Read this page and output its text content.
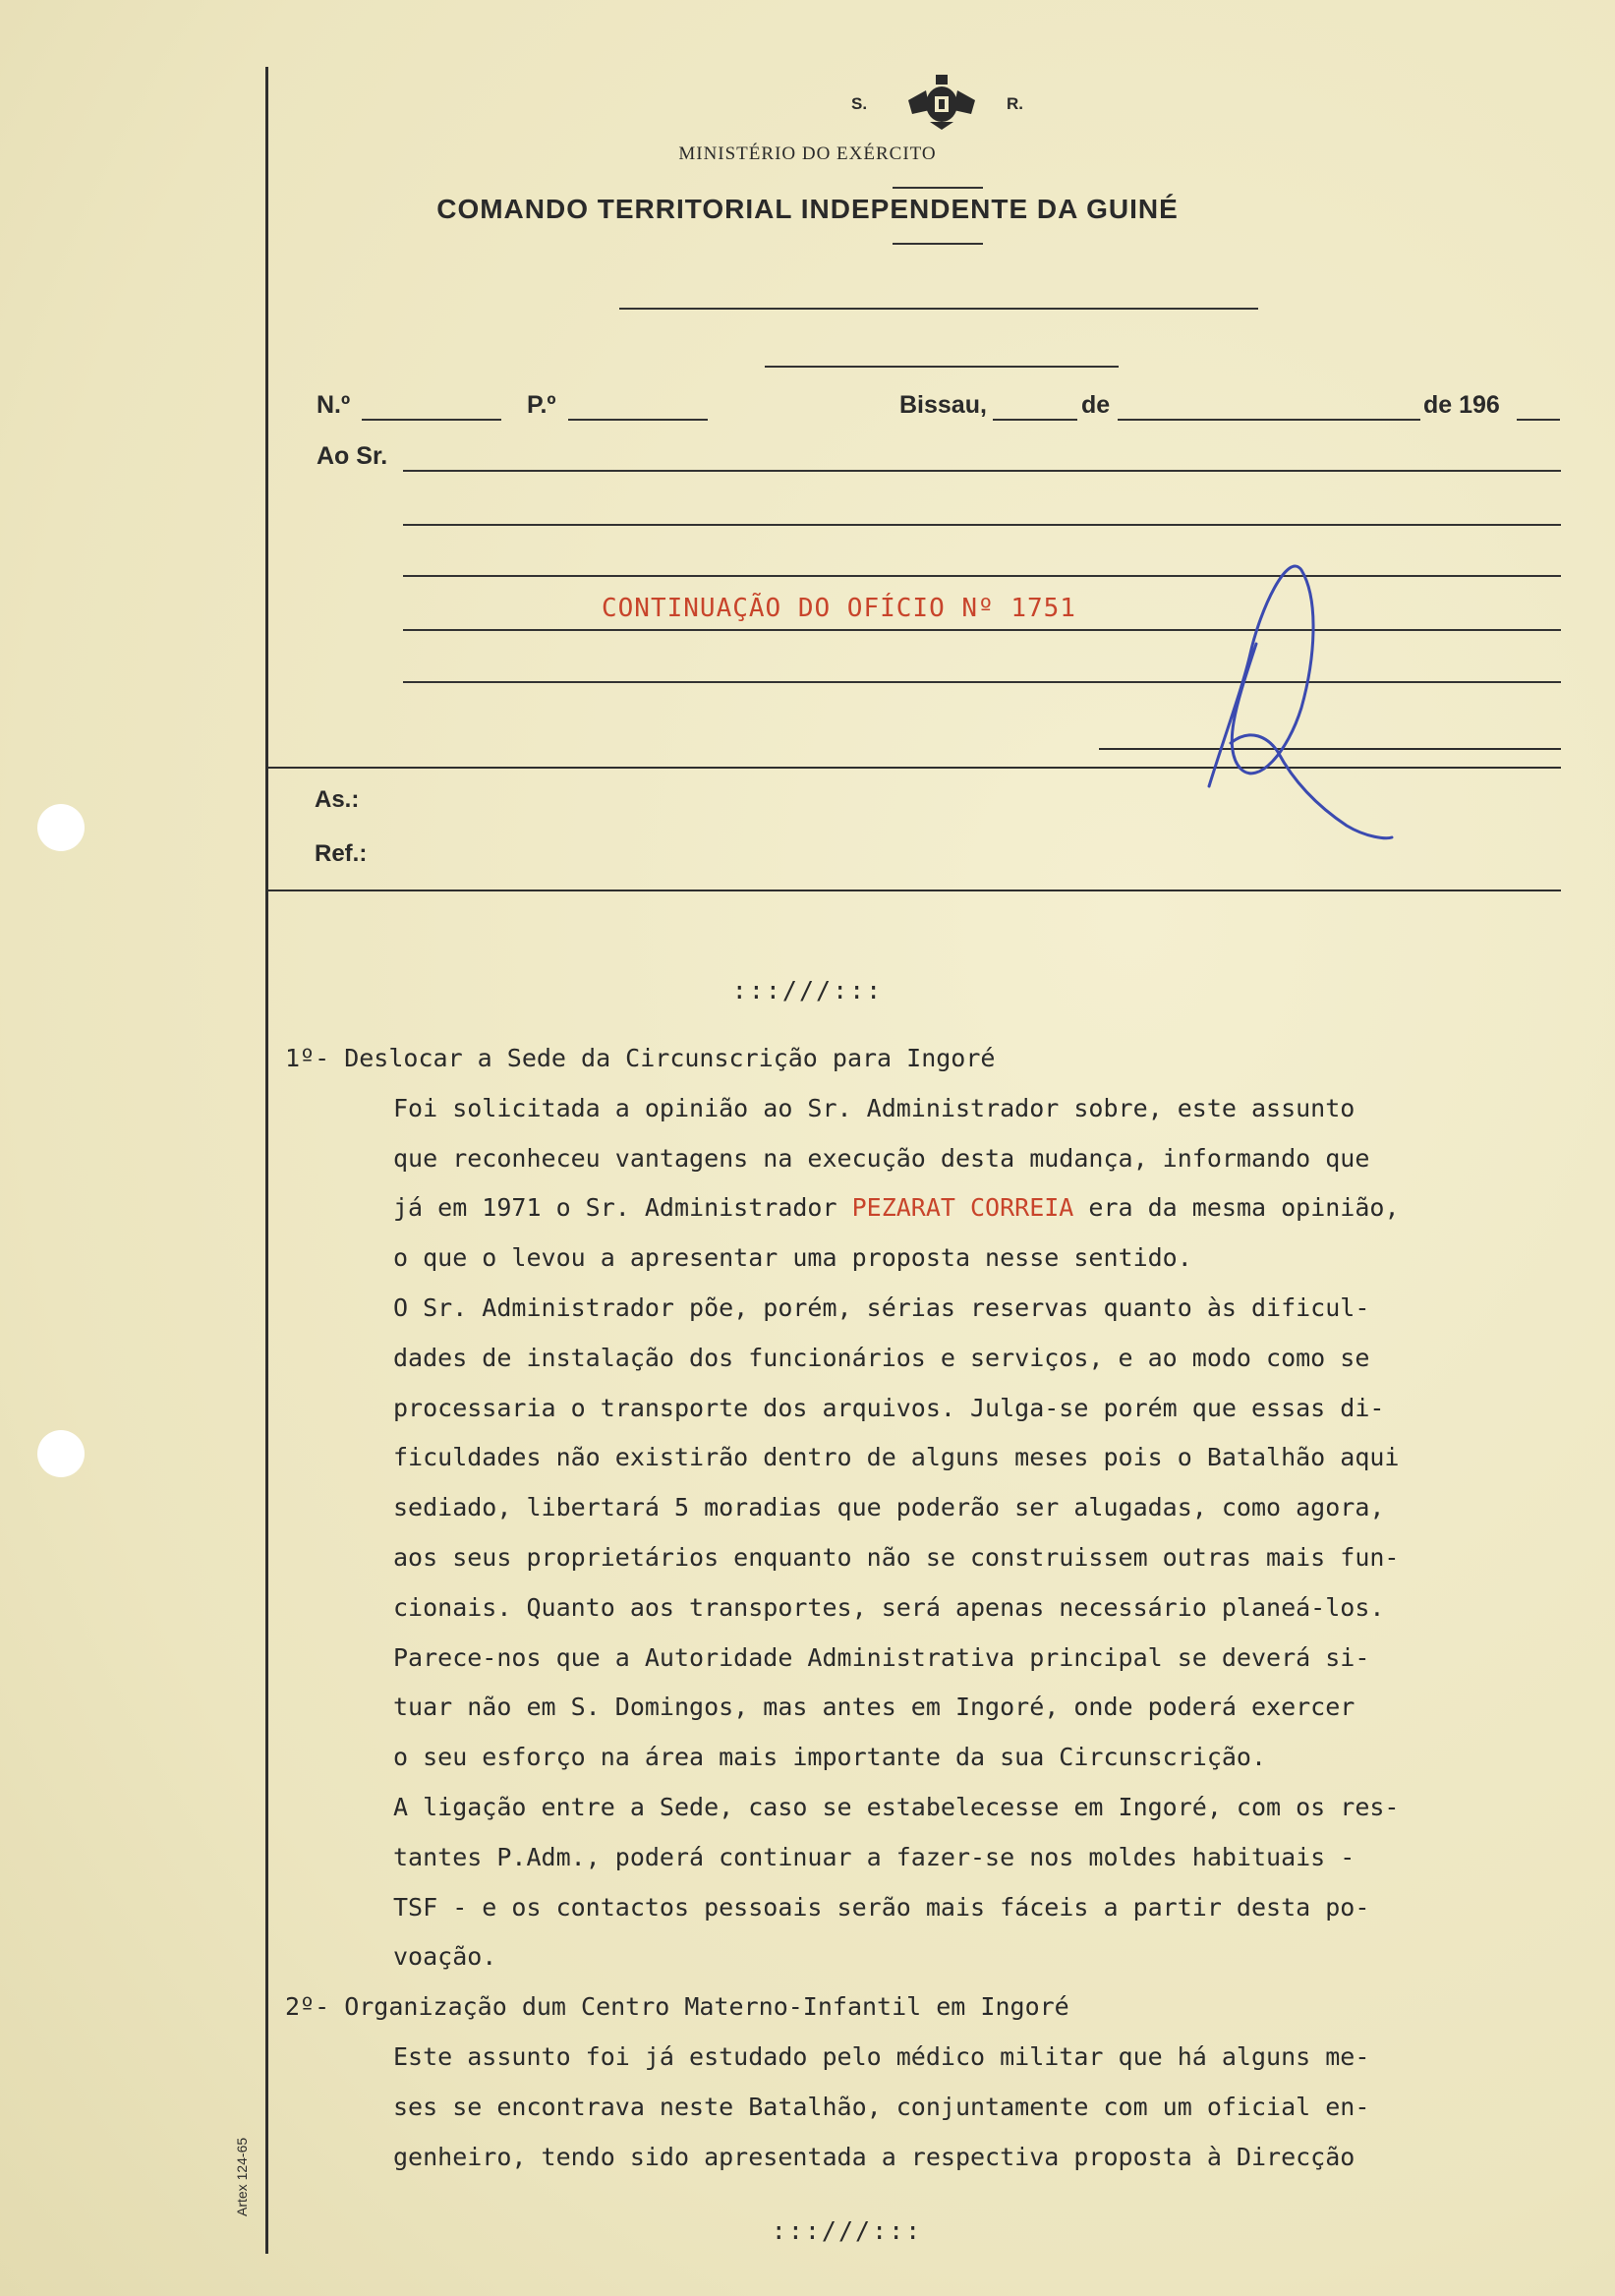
S.	R.
MINISTÉRIO DO EXÉRCITO
COMANDO TERRITORIAL INDEPENDENTE DA GUINÉ
N.º	P.º	Bissau,	de	de 196
Ao Sr.
CONTINUAÇÃO DO OFÍCIO Nº 1751
As.:
Ref.:
:::///:::
1º- Deslocar a Sede da Circunscrição para Ingoré
Foi solicitada a opinião ao Sr. Administrador sobre, este assunto
que reconheceu vantagens na execução desta mudança, informando que
já em 1971 o Sr. Administrador PEZARAT CORREIA era da mesma opinião,
o que o levou a apresentar uma proposta nesse sentido.
O Sr. Administrador põe, porém, sérias reservas quanto às dificul-
dades de instalação dos funcionários e serviços, e ao modo como se
processaria o transporte dos arquivos. Julga-se porém que essas di-
ficuldades não existirão dentro de alguns meses pois o Batalhão aqui
sediado, libertará 5 moradias que poderão ser alugadas, como agora,
aos seus proprietários enquanto não se construissem outras mais fun-
cionais. Quanto aos transportes, será apenas necessário planeá-los.
Parece-nos que a Autoridade Administrativa principal se deverá si-
tuar não em S. Domingos, mas antes em Ingoré, onde poderá exercer
o seu esforço na área mais importante da sua Circunscrição.
A ligação entre a Sede, caso se estabelecesse em Ingoré, com os res-
tantes P.Adm., poderá continuar a fazer-se nos moldes habituais -
TSF - e os contactos pessoais serão mais fáceis a partir desta po-
voação.
2º- Organização dum Centro Materno-Infantil em Ingoré
Este assunto foi já estudado pelo médico militar que há alguns me-
ses se encontrava neste Batalhão, conjuntamente com um oficial en-
genheiro, tendo sido apresentada a respectiva proposta à Direcção
:::///:::
Artex 124-65
